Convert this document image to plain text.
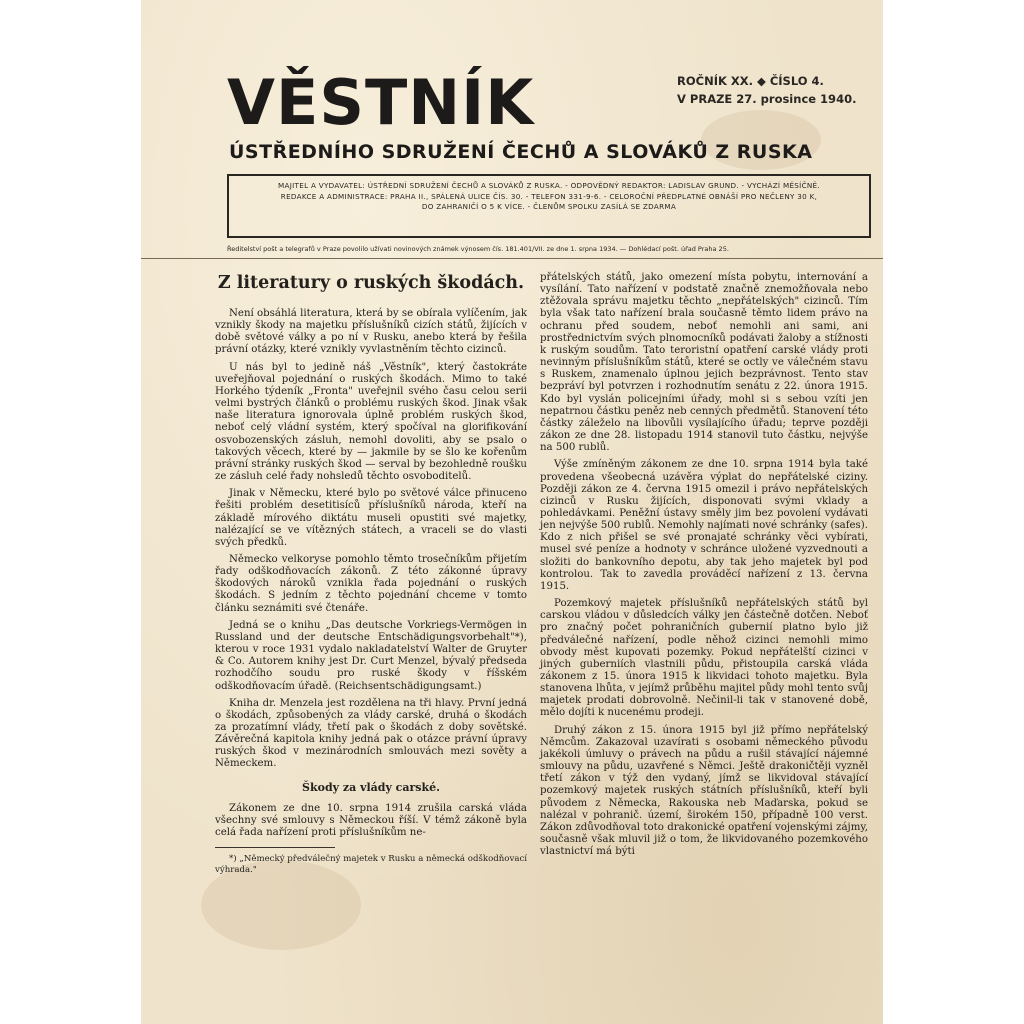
VĚSTNÍK	ROČNÍK XX. ◆ ČÍSLO 4.
V PRAZE 27. prosince 1940.
ÚSTŘEDNÍHO SDRUŽENÍ ČECHŮ A SLOVÁKŮ Z RUSKA

MAJITEL A VYDAVATEL: ÚSTŘEDNÍ SDRUŽENÍ ČECHŮ A SLOVÁKŮ Z RUSKA. - ODPOVĚDNÝ REDAKTOR: LADISLAV GRUND. - VYCHÁZÍ MĚSÍČNĚ.

REDAKCE A ADMINISTRACE: PRAHA II., SPÁLENÁ ULICE ČÍS. 30. - TELEFON 331-9-6. - CELOROČNÍ PŘEDPLATNÉ OBNÁŠÍ PRO NEČLENY 30 K,

DO ZAHRANIČÍ O 5 K VÍCE. - ČLENŮM SPOLKU ZASÍLÁ SE ZDARMA

Ředitelství pošt a telegrafů v Praze povolilo užívati novinových známek výnosem čís. 181.401/VII. ze dne 1. srpna 1934. — Dohlédací pošt. úřad Praha 25.
Z literatury o ruských škodách.

Není obsáhlá literatura, která by se obírala vylíčením, jak vznikly škody na majetku příslušníků cizích států, žijících v době světové války a po ní v Rusku, anebo která by řešila právní otázky, které vznikly vyvlastněním těchto cizinců.

U nás byl to jedině náš „Věstník", který častokráte uveřejňoval pojednání o ruských škodách. Mimo to také Horkého týdeník „Fronta" uveřejnil svého času celou serii velmi bystrých článků o problému ruských škod. Jinak však naše literatura ignorovala úplně problém ruských škod, neboť celý vládní systém, který spočíval na glorifikování osvobozenských zásluh, nemohl dovoliti, aby se psalo o takových věcech, které by — jakmile by se šlo ke kořenům právní stránky ruských škod — serval by bezohledně roušku ze zásluh celé řady nohsledů těchto osvoboditelů.

Jinak v Německu, které bylo po světové válce přinuceno řešiti problém desetitisíců příslušníků národa, kteří na základě mírového diktátu museli opustiti své majetky, nalézající se ve vítězných státech, a vraceli se do vlasti svých předků.

Německo velkoryse pomohlo těmto trosečníkům přijetím řady odškodňovacích zákonů. Z této zákonné úpravy škodových nároků vznikla řada pojednání o ruských škodách. S jedním z těchto pojednání chceme v tomto článku seznámiti své čtenáře.

Jedná se o knihu „Das deutsche Vorkriegs-Vermögen in Russland und der deutsche Entschädigungsvorbehalt"*), kterou v roce 1931 vydalo nakladatelství Walter de Gruyter & Co. Autorem knihy jest Dr. Curt Menzel, bývalý předseda rozhodčího soudu pro ruské škody v říšském odškodňovacím úřadě. (Reichsentschädigungsamt.)

Kniha dr. Menzela jest rozdělena na tři hlavy. První jedná o škodách, způsobených za vlády carské, druhá o škodách za prozatímní vlády, třetí pak o škodách z doby sovětské. Závěrečná kapitola knihy jedná pak o otázce právní úpravy ruských škod v mezinárodních smlouvách mezi sověty a Německem.

Škody za vlády carské.

Zákonem ze dne 10. srpna 1914 zrušila carská vláda všechny své smlouvy s Německou říší. V témž zákoně byla celá řada nařízení proti příslušníkům ne-

*) „Německý předválečný majetek v Rusku a německá odškodňovací výhrada."

přátelských států, jako omezení místa pobytu, internování a vysílání. Tato nařízení v podstatě značně znemožňovala nebo ztěžovala správu majetku těchto „nepřátelských" cizinců. Tím byla však tato nařízení brala současně těmto lidem právo na ochranu před soudem, neboť nemohli ani sami, ani prostřednictvím svých plnomocníků podávati žaloby a stížnosti k ruským soudům. Tato teroristní opatření carské vlády proti nevinným příslušníkům států, které se octly ve válečném stavu s Ruskem, znamenalo úplnou jejich bezprávnost. Tento stav bezpráví byl potvrzen i rozhodnutím senátu z 22. února 1915. Kdo byl vyslán policejními úřady, mohl si s sebou vzíti jen nepatrnou částku peněz neb cenných předmětů. Stanovení této částky záleželo na libovůli vysílajícího úřadu; teprve později zákon ze dne 28. listopadu 1914 stanovil tuto částku, nejvýše na 500 rublů.

Výše zmíněným zákonem ze dne 10. srpna 1914 byla také provedena všeobecná uzávěra výplat do nepřátelské ciziny. Později zákon ze 4. června 1915 omezil i právo nepřátelských cizinců v Rusku žijících, disponovati svými vklady a pohledávkami. Peněžní ústavy směly jim bez povolení vydávati jen nejvýše 500 rublů. Nemohly najímati nové schránky (safes). Kdo z nich přišel se své pronajaté schránky věci vybírati, musel své peníze a hodnoty v schránce uložené vyzvednouti a složiti do bankovního depotu, aby tak jeho majetek byl pod kontrolou. Tak to zavedla prováděcí nařízení z 13. června 1915.

Pozemkový majetek příslušníků nepřátelských států byl carskou vládou v důsledcích války jen částečně dotčen. Neboť pro značný počet pohraničních gubernií platno bylo již předválečné nařízení, podle něhož cizinci nemohli mimo obvody měst kupovati pozemky. Pokud nepřátelští cizinci v jiných guberniích vlastnili půdu, přistoupila carská vláda zákonem z 15. února 1915 k likvidaci tohoto majetku. Byla stanovena lhůta, v jejímž průběhu majitel půdy mohl tento svůj majetek prodati dobrovolně. Nečinil-li tak v stanovené době, mělo dojíti k nucenému prodeji.

Druhý zákon z 15. února 1915 byl již přímo nepřátelský Němcům. Zakazoval uzavírati s osobami německého původu jakékoli úmluvy o právech na půdu a rušil stávající nájemné smlouvy na půdu, uzavřené s Němci. Ještě drakoničtěji vyzněl třetí zákon v týž den vydaný, jímž se likvidoval stávající pozemkový majetek ruských státních příslušníků, kteří byli původem z Německa, Rakouska neb Maďarska, pokud se nalézal v pohranič. území, širokém 150, případně 100 verst. Zákon zdůvodňoval toto drakonické opatření vojenskými zájmy, současně však mluvil již o tom, že likvidovaného pozemkového vlastnictví má býti
